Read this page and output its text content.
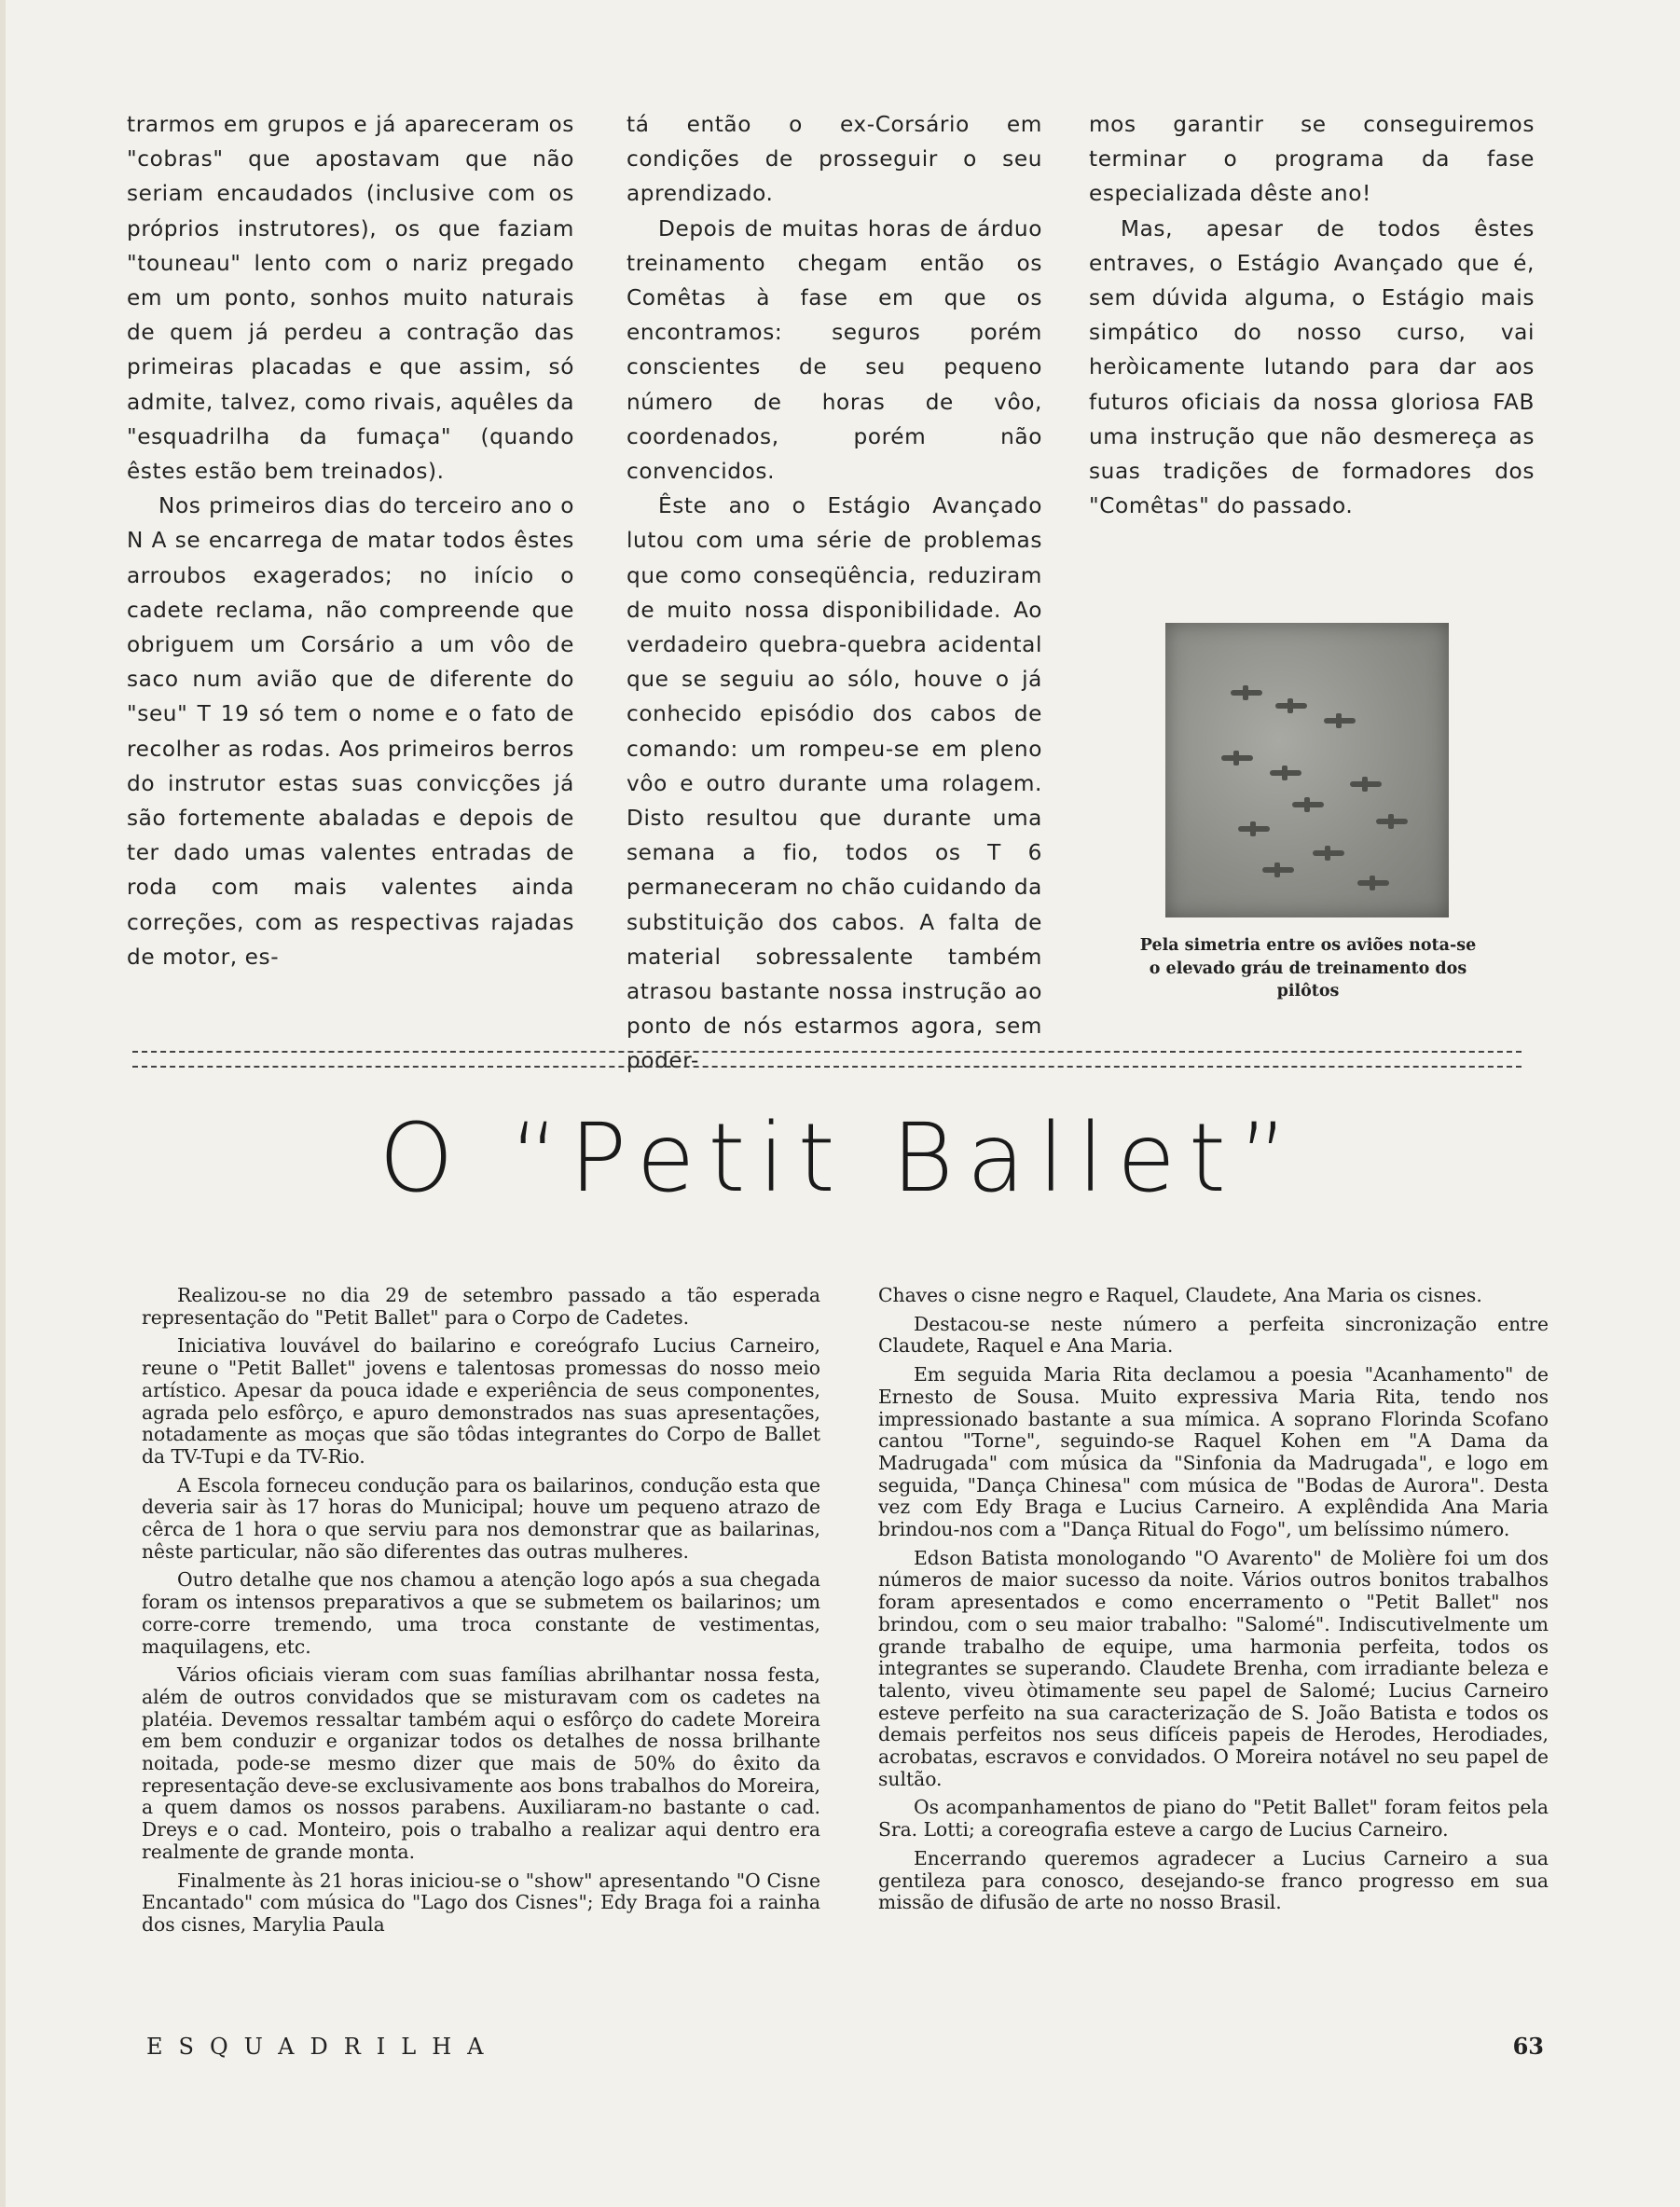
trarmos em grupos e já apareceram os "cobras" que apostavam que não seriam encaudados (inclusive com os próprios instrutores), os que faziam "touneau" lento com o nariz pregado em um ponto, sonhos muito naturais de quem já perdeu a contração das primeiras placadas e que assim, só admite, talvez, como rivais, aquêles da "esquadrilha da fumaça" (quando êstes estão bem treinados).

Nos primeiros dias do terceiro ano o N A se encarrega de matar todos êstes arroubos exagerados; no início o cadete reclama, não compreende que obriguem um Corsário a um vôo de saco num avião que de diferente do "seu" T 19 só tem o nome e o fato de recolher as rodas. Aos primeiros berros do instrutor estas suas convicções já são fortemente abaladas e depois de ter dado umas valentes entradas de roda com mais valentes ainda correções, com as respectivas rajadas de motor, es-

tá então o ex-Corsário em condições de prosseguir o seu aprendizado.

Depois de muitas horas de árduo treinamento chegam então os Comêtas à fase em que os encontramos: seguros porém conscientes de seu pequeno número de horas de vôo, coordenados, porém não convencidos.

Êste ano o Estágio Avançado lutou com uma série de problemas que como conseqüência, reduziram de muito nossa disponibilidade. Ao verdadeiro quebra-quebra acidental que se seguiu ao sólo, houve o já conhecido episódio dos cabos de comando: um rompeu-se em pleno vôo e outro durante uma rolagem. Disto resultou que durante uma semana a fio, todos os T 6 permaneceram no chão cuidando da substituição dos cabos. A falta de material sobressalente também atrasou bastante nossa instrução ao ponto de nós estarmos agora, sem poder-

mos garantir se conseguiremos terminar o programa da fase especializada dêste ano!

Mas, apesar de todos êstes entraves, o Estágio Avançado que é, sem dúvida alguma, o Estágio mais simpático do nosso curso, vai heròicamente lutando para dar aos futuros oficiais da nossa gloriosa FAB uma instrução que não desmereça as suas tradições de formadores dos "Comêtas" do passado.

Pela simetria entre os aviões nota-se o elevado gráu de treinamento dos pilôtos
O “Petit Ballet”

Realizou-se no dia 29 de setembro passado a tão esperada representação do "Petit Ballet" para o Corpo de Cadetes.

Iniciativa louvável do bailarino e coreógrafo Lucius Carneiro, reune o "Petit Ballet" jovens e talentosas promessas do nosso meio artístico. Apesar da pouca idade e experiência de seus componentes, agrada pelo esfôrço, e apuro demonstrados nas suas apresentações, notadamente as moças que são tôdas integrantes do Corpo de Ballet da TV-Tupi e da TV-Rio.

A Escola forneceu condução para os bailarinos, condução esta que deveria sair às 17 horas do Municipal; houve um pequeno atrazo de cêrca de 1 hora o que serviu para nos demonstrar que as bailarinas, nêste particular, não são diferentes das outras mulheres.

Outro detalhe que nos chamou a atenção logo após a sua chegada foram os intensos preparativos a que se submetem os bailarinos; um corre-corre tremendo, uma troca constante de vestimentas, maquilagens, etc.

Vários oficiais vieram com suas famílias abrilhantar nossa festa, além de outros convidados que se misturavam com os cadetes na platéia. Devemos ressaltar também aqui o esfôrço do cadete Moreira em bem conduzir e organizar todos os detalhes de nossa brilhante noitada, pode-se mesmo dizer que mais de 50% do êxito da representação deve-se exclusivamente aos bons trabalhos do Moreira, a quem damos os nossos parabens. Auxiliaram-no bastante o cad. Dreys e o cad. Monteiro, pois o trabalho a realizar aqui dentro era realmente de grande monta.

Finalmente às 21 horas iniciou-se o "show" apresentando "O Cisne Encantado" com música do "Lago dos Cisnes"; Edy Braga foi a rainha dos cisnes, Marylia Paula

Chaves o cisne negro e Raquel, Claudete, Ana Maria os cisnes.

Destacou-se neste número a perfeita sincronização entre Claudete, Raquel e Ana Maria.

Em seguida Maria Rita declamou a poesia "Acanhamento" de Ernesto de Sousa. Muito expressiva Maria Rita, tendo nos impressionado bastante a sua mímica. A soprano Florinda Scofano cantou "Torne", seguindo-se Raquel Kohen em "A Dama da Madrugada" com música da "Sinfonia da Madrugada", e logo em seguida, "Dança Chinesa" com música de "Bodas de Aurora". Desta vez com Edy Braga e Lucius Carneiro. A explêndida Ana Maria brindou-nos com a "Dança Ritual do Fogo", um belíssimo número.

Edson Batista monologando "O Avarento" de Molière foi um dos números de maior sucesso da noite. Vários outros bonitos trabalhos foram apresentados e como encerramento o "Petit Ballet" nos brindou, com o seu maior trabalho: "Salomé". Indiscutivelmente um grande trabalho de equipe, uma harmonia perfeita, todos os integrantes se superando. Claudete Brenha, com irradiante beleza e talento, viveu òtimamente seu papel de Salomé; Lucius Carneiro esteve perfeito na sua caracterização de S. João Batista e todos os demais perfeitos nos seus difíceis papeis de Herodes, Herodiades, acrobatas, escravos e convidados. O Moreira notável no seu papel de sultão.

Os acompanhamentos de piano do "Petit Ballet" foram feitos pela Sra. Lotti; a coreografia esteve a cargo de Lucius Carneiro.

Encerrando queremos agradecer a Lucius Carneiro a sua gentileza para conosco, desejando-se franco progresso em sua missão de difusão de arte no nosso Brasil.

ESQUADRILHA	63
